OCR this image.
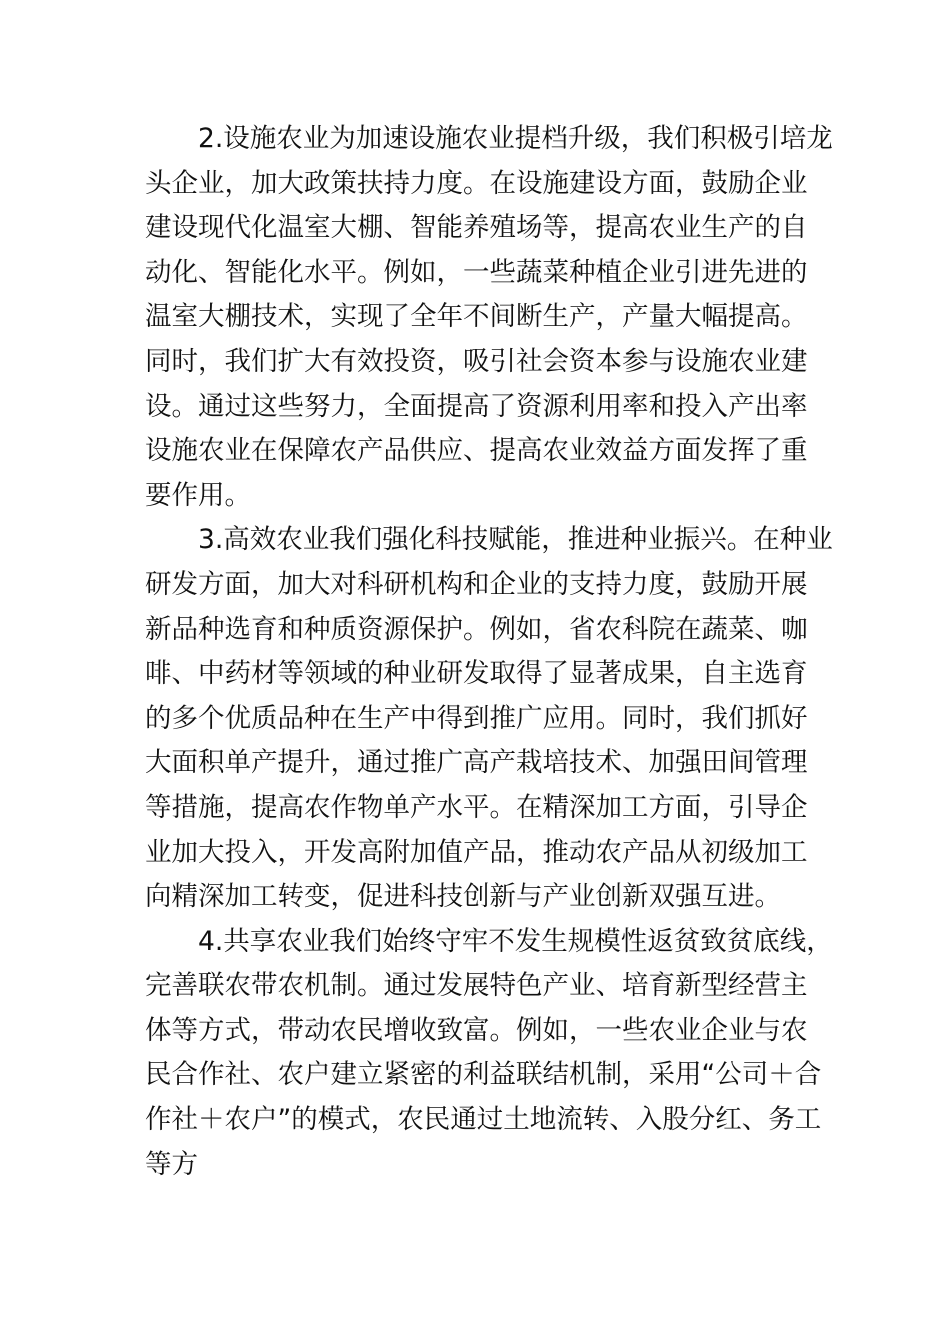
2.设施农业为加速设施农业提档升级，我们积极引培龙
头企业，加大政策扶持力度。在设施建设方面，鼓励企业
建设现代化温室大棚、智能养殖场等，提高农业生产的自
动化、智能化水平。例如，一些蔬菜种植企业引进先进的
温室大棚技术，实现了全年不间断生产，产量大幅提高。
同时，我们扩大有效投资，吸引社会资本参与设施农业建
设。通过这些努力，全面提高了资源利用率和投入产出率
设施农业在保障农产品供应、提高农业效益方面发挥了重
要作用。

3.高效农业我们强化科技赋能，推进种业振兴。在种业
研发方面，加大对科研机构和企业的支持力度，鼓励开展
新品种选育和种质资源保护。例如，省农科院在蔬菜、咖
啡、中药材等领域的种业研发取得了显著成果，自主选育
的多个优质品种在生产中得到推广应用。同时，我们抓好
大面积单产提升，通过推广高产栽培技术、加强田间管理
等措施，提高农作物单产水平。在精深加工方面，引导企
业加大投入，开发高附加值产品，推动农产品从初级加工
向精深加工转变，促进科技创新与产业创新双强互进。

4.共享农业我们始终守牢不发生规模性返贫致贫底线，
完善联农带农机制。通过发展特色产业、培育新型经营主
体等方式，带动农民增收致富。例如，一些农业企业与农
民合作社、农户建立紧密的利益联结机制，采用“公司＋合
作社＋农户”的模式，农民通过土地流转、入股分红、务工
等方
